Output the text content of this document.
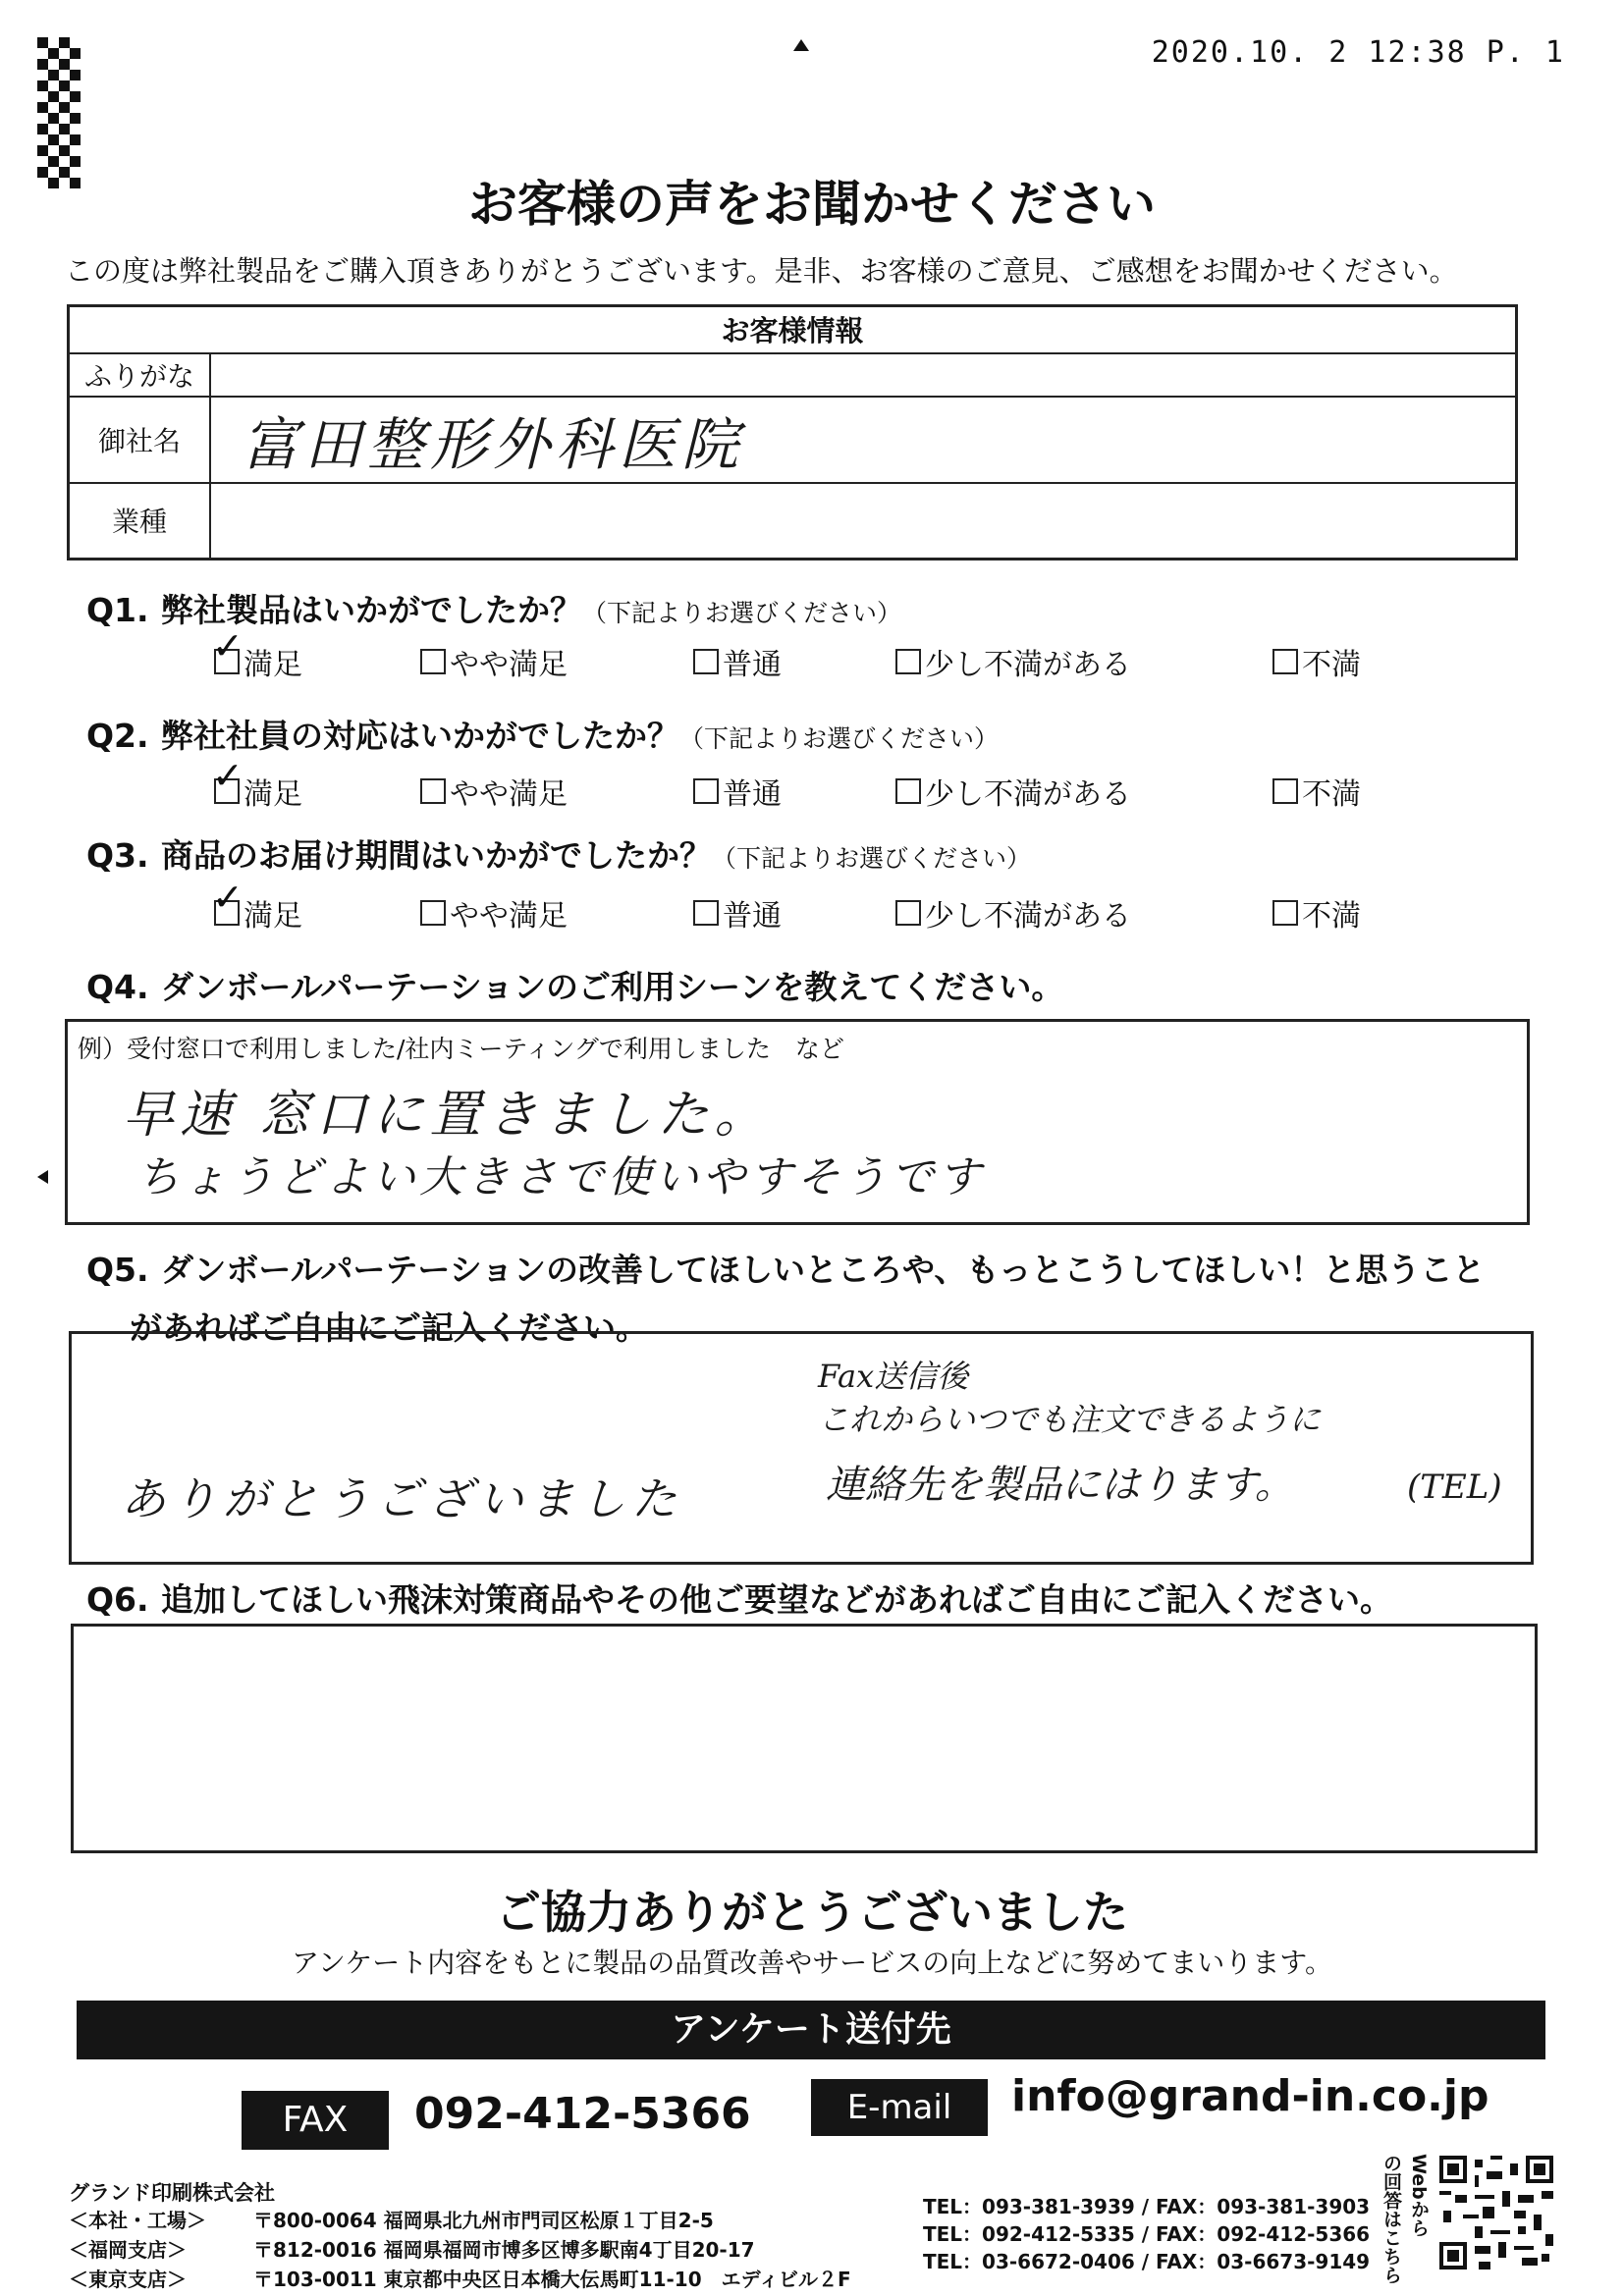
2020.10. 2 12:38 P. 1
お客様の声をお聞かせください
この度は弊社製品をご購入頂きありがとうございます。是非、お客様のご意見、ご感想をお聞かせください。
お客様情報	
ふりがな	
御社名	富田整形外科医院
業種	
Q1. 弊社製品はいかがでしたか？（下記よりお選びください）
✓ 満足	やや満足	普通	少し不満がある	不満
Q2. 弊社社員の対応はいかがでしたか？（下記よりお選びください）
✓ 満足	やや満足	普通	少し不満がある	不満
Q3. 商品のお届け期間はいかがでしたか？（下記よりお選びください）
✓ 満足	やや満足	普通	少し不満がある	不満
Q4. ダンボールパーテーションのご利用シーンを教えてください。
例）受付窓口で利用しました/社内ミーティングで利用しました　など
早速 窓口に置きました。
ちょうどよい大きさで使いやすそうです
Q5. ダンボールパーテーションの改善してほしいところや、もっとこうしてほしい！と思うこと
があればご自由にご記入ください。
Fax送信後
これからいつでも注文できるように
ありがとうございました	連絡先を製品にはります。	(TEL)
Q6. 追加してほしい飛沫対策商品やその他ご要望などがあればご自由にご記入ください。
ご協力ありがとうございました
アンケート内容をもとに製品の品質改善やサービスの向上などに努めてまいります。
アンケート送付先
FAX	092-412-5366	E-mail	info@grand-in.co.jp
グランド印刷株式会社
＜本社・工場＞ 〒800-0064 福岡県北九州市門司区松原１丁目2-5
TEL：093-381-3939 / FAX：093-381-3903
＜福岡支店＞	〒812-0016 福岡県福岡市博多区博多駅南4丁目20-17
TEL：092-412-5335 / FAX：092-412-5366
＜東京支店＞	〒103-0011 東京都中央区日本橋大伝馬町11-10　エディビル２F
TEL：03-6672-0406 / FAX：03-6673-9149
Webから
の回答はこちら
